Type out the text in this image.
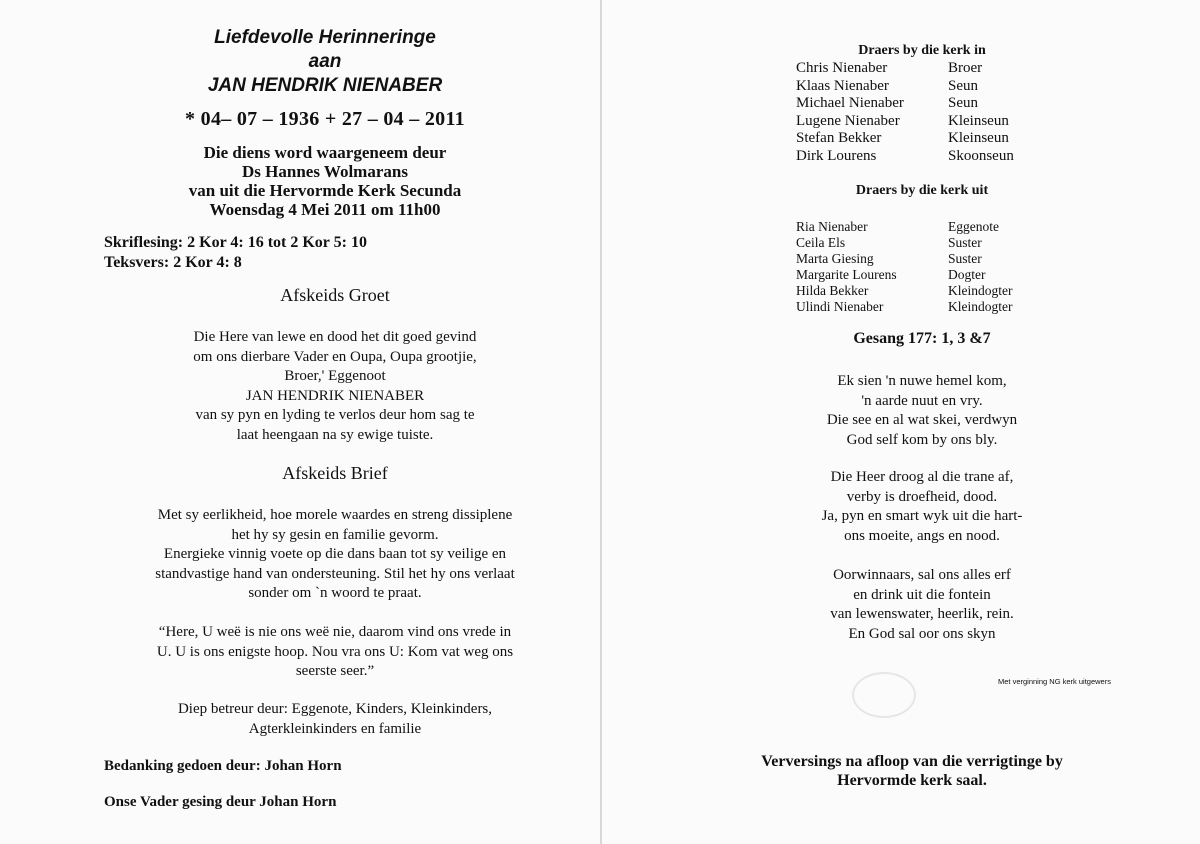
Liefdevolle Herinneringe
aan
JAN HENDRIK NIENABER
* 04– 07 – 1936 + 27 – 04 – 2011
Die diens word waargeneem deur
Ds Hannes Wolmarans
van uit die Hervormde Kerk Secunda
Woensdag 4 Mei 2011 om 11h00
Skriflesing: 2 Kor 4: 16 tot 2 Kor 5: 10
Teksvers: 2 Kor 4: 8
Afskeids Groet
Die Here van lewe en dood het dit goed gevind
om ons dierbare Vader en Oupa, Oupa grootjie,
Broer,' Eggenoot
JAN HENDRIK NIENABER
van sy pyn en lyding te verlos deur hom sag te
laat heengaan na sy ewige tuiste.
Afskeids Brief
Met sy eerlikheid, hoe morele waardes en streng dissiplene
het hy sy gesin en familie gevorm.
Energieke vinnig voete op die dans baan tot sy veilige en
standvastige hand van ondersteuning. Stil het hy ons verlaat
sonder om `n woord te praat.
“Here, U weë is nie ons weë nie, daarom vind ons vrede in
U. U is ons enigste hoop. Nou vra ons U: Kom vat weg ons
seerste seer.”
Diep betreur deur: Eggenote, Kinders, Kleinkinders,
Agterkleinkinders en familie
Bedanking gedoen deur: Johan Horn
Onse Vader gesing deur Johan Horn
Draers by die kerk in
Chris Nienaber	Broer
Klaas Nienaber	Seun
Michael Nienaber	Seun
Lugene Nienaber	Kleinseun
Stefan Bekker	Kleinseun
Dirk Lourens	Skoonseun
Draers by die kerk uit
Ria Nienaber	Eggenote
Ceila Els	Suster
Marta Giesing	Suster
Margarite Lourens	Dogter
Hilda Bekker	Kleindogter
Ulindi Nienaber	Kleindogter
Gesang 177: 1, 3 &7
Ek sien 'n nuwe hemel kom,
'n aarde nuut en vry.
Die see en al wat skei, verdwyn
God self kom by ons bly.
Die Heer droog al die trane af,
verby is droefheid, dood.
Ja, pyn en smart wyk uit die hart-
ons moeite, angs en nood.
Oorwinnaars, sal ons alles erf
en drink uit die fontein
van lewenswater, heerlik, rein.
En God sal oor ons skyn
Verversings na afloop van die verrigtinge by
Hervormde kerk saal.
Met verginning NG kerk uitgewers
